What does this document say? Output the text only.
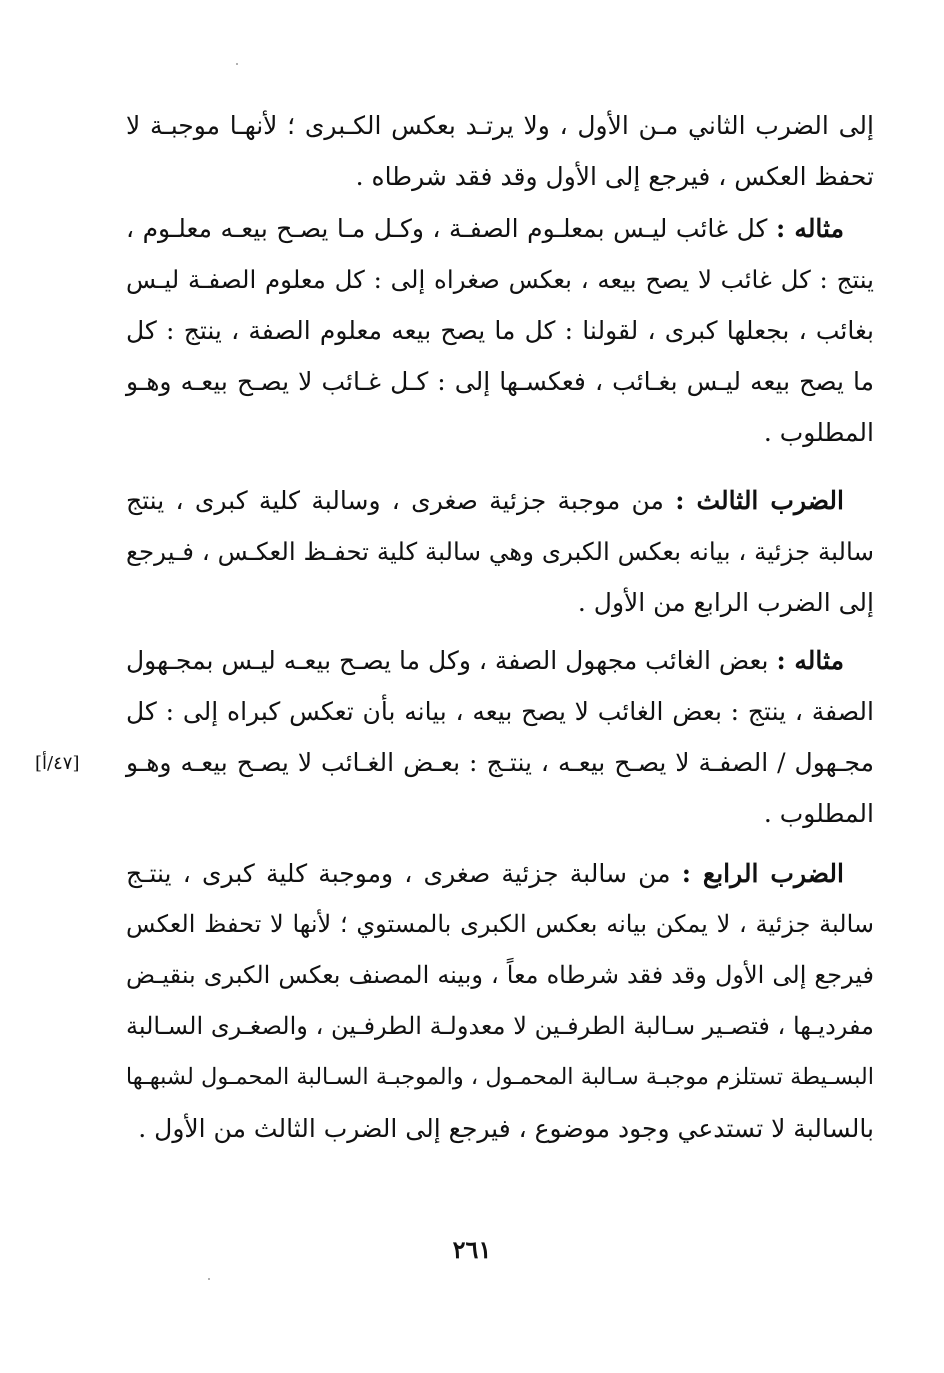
إلى الضرب الثاني مـن الأول ، ولا يرتـد بعكس الكـبرى ؛ لأنهـا موجبـة لا
تحفظ العكس ، فيرجع إلى الأول وقد فقد شرطاه .
مثاله : كل غائب ليـس بمعلـوم الصفـة ، وكـل مـا يصـح بيعـه معلـوم ،
ينتج : كل غائب لا يصح بيعه ، بعكس صغراه إلى : كل معلوم الصفـة ليـس
بغائب ، بجعلها كبرى ، لقولنا : كل ما يصح بيعه معلوم الصفة ، ينتج : كل
ما يصح بيعه ليـس بغـائب ، فعكسـها إلى : كـل غـائب لا يصـح بيعـه وهـو
المطلوب .
الضرب الثالث : من موجبة جزئية صغرى ، وسالبة كلية كبرى ، ينتج
سالبة جزئية ، بيانه بعكس الكبرى وهي سالبة كلية تحفـظ العكـس ، فـيرجع
إلى الضرب الرابع من الأول .
مثاله : بعض الغائب مجهول الصفة ، وكل ما يصـح بيعـه ليـس بمجـهول
الصفة ، ينتج : بعض الغائب لا يصح بيعه ، بيانه بأن تعكس كبراه إلى : كل
مجـهول / الصفـة لا يصـح بيعـه ، ينتـج : بعـض الغـائب لا يصـح بيعـه وهـو
المطلوب .
[٤٧/أ]
الضرب الرابع : من سالبة جزئية صغرى ، وموجبة كلية كبرى ، ينتـج
سالبة جزئية ، لا يمكن بيانه بعكس الكبرى بالمستوي ؛ لأنها لا تحفظ العكس
فيرجع إلى الأول وقد فقد شرطاه معاً ، وبينه المصنف بعكس الكبرى بنقيـض
مفرديـها ، فتصـير سـالبة الطرفـين لا معدولـة الطرفـين ، والصغـرى السـالبة
البسـيطة تستلزم موجبـة سـالبة المحمـول ، والموجبـة السـالبة المحمـول لشبهـها
بالسالبة لا تستدعي وجود موضوع ، فيرجع إلى الضرب الثالث من الأول .
٢٦١
